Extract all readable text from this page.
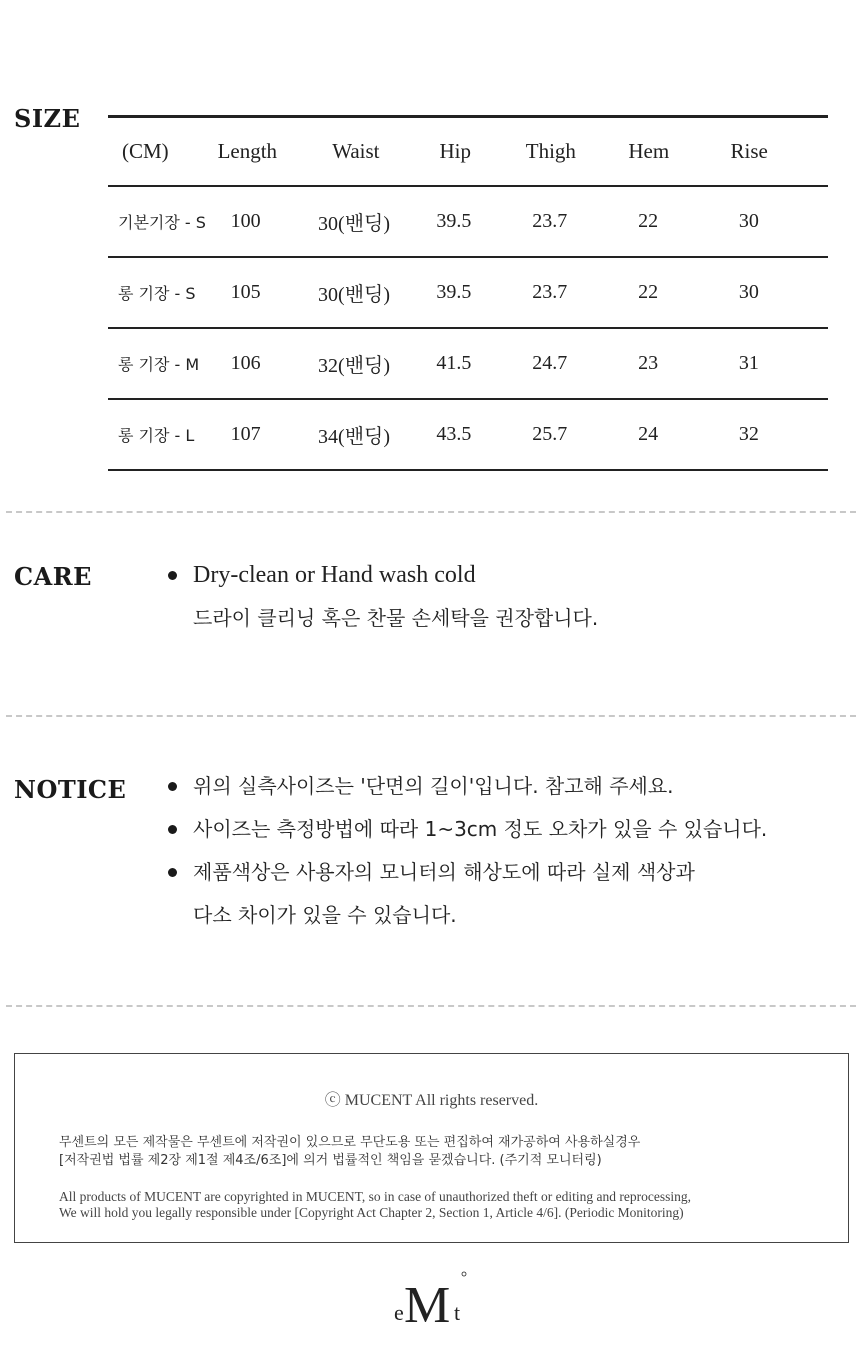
SIZE
(CM)	Length	Waist	Hip	Thigh	Hem	Rise
기본기장 - S	100	30(밴딩)	39.5	23.7	22	30
롱 기장 - S	105	30(밴딩)	39.5	23.7	22	30
롱 기장 - M	106	32(밴딩)	41.5	24.7	23	31
롱 기장 - L	107	34(밴딩)	43.5	25.7	24	32
CARE	Dry-clean or Hand wash cold
드라이 클리닝 혹은 찬물 손세탁을 권장합니다.
NOTICE	위의 실측사이즈는 '단면의 길이'입니다. 참고해 주세요.
사이즈는 측정방법에 따라 1~3cm 정도 오차가 있을 수 있습니다.
제품색상은 사용자의 모니터의 해상도에 따라 실제 색상과
다소 차이가 있을 수 있습니다.
ⓒ MUCENT All rights reserved.
무센트의 모든 제작물은 무센트에 저작권이 있으므로 무단도용 또는 편집하여 재가공하여 사용하실경우
[저작권법 법률 제2장 제1절 제4조/6조]에 의거 법률적인 책임을 묻겠습니다. (주기적 모니터링)
All products of MUCENT are copyrighted in MUCENT, so in case of unauthorized theft or editing and reprocessing,
We will hold you legally responsible under [Copyright Act Chapter 2, Section 1, Article 4/6]. (Periodic Monitoring)
e M t
